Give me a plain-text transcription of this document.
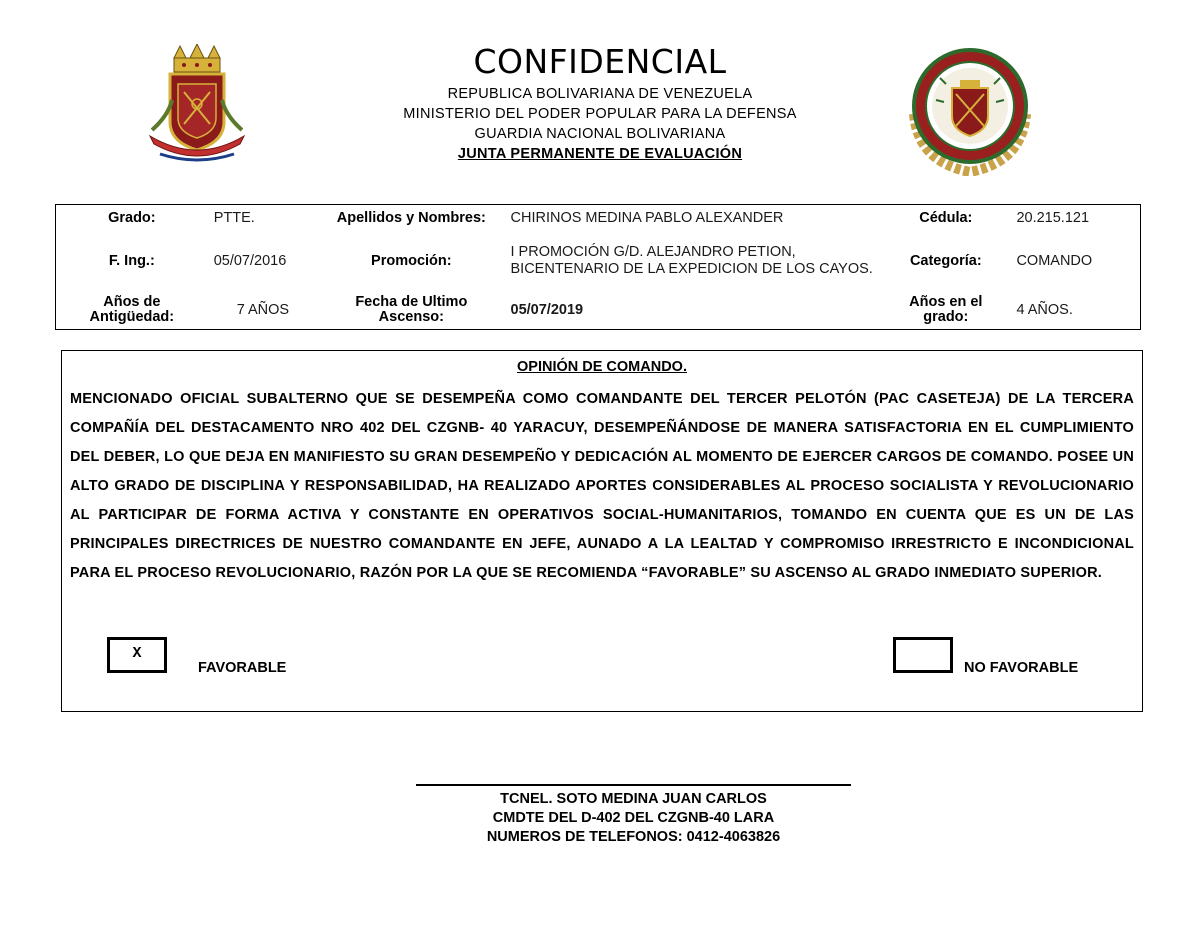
CONFIDENCIAL
REPUBLICA BOLIVARIANA DE VENEZUELA
MINISTERIO DEL PODER POPULAR PARA LA DEFENSA
GUARDIA NACIONAL BOLIVARIANA
JUNTA PERMANENTE DE EVALUACIÓN
Grado:	PTTE.	Apellidos y Nombres:	CHIRINOS MEDINA PABLO ALEXANDER	Cédula:	20.215.121
F. Ing.:	05/07/2016	Promoción:	I PROMOCIÓN G/D. ALEJANDRO PETION, BICENTENARIO DE LA EXPEDICION DE LOS CAYOS.	Categoría:	COMANDO
Años de Antigüedad:	7 AÑOS	Fecha de Ultimo Ascenso:	05/07/2019	Años en el grado:	4 AÑOS.
OPINIÓN DE COMANDO.
MENCIONADO OFICIAL SUBALTERNO QUE SE DESEMPEÑA COMO COMANDANTE DEL TERCER PELOTÓN (PAC CASETEJA) DE LA TERCERA COMPAÑÍA DEL DESTACAMENTO NRO 402 DEL CZGNB- 40 YARACUY, DESEMPEÑÁNDOSE DE MANERA SATISFACTORIA EN EL CUMPLIMIENTO DEL DEBER, LO QUE DEJA EN MANIFIESTO SU GRAN DESEMPEÑO Y DEDICACIÓN AL MOMENTO DE EJERCER CARGOS DE COMANDO. POSEE UN ALTO GRADO DE DISCIPLINA Y RESPONSABILIDAD, HA REALIZADO APORTES CONSIDERABLES AL PROCESO SOCIALISTA Y REVOLUCIONARIO AL PARTICIPAR DE FORMA ACTIVA Y CONSTANTE EN OPERATIVOS SOCIAL-HUMANITARIOS, TOMANDO EN CUENTA QUE ES UN DE LAS PRINCIPALES DIRECTRICES DE NUESTRO COMANDANTE EN JEFE, AUNADO A LA LEALTAD Y COMPROMISO IRRESTRICTO E INCONDICIONAL PARA EL PROCESO REVOLUCIONARIO, RAZÓN POR LA QUE SE RECOMIENDA “FAVORABLE” SU ASCENSO AL GRADO INMEDIATO SUPERIOR.
X
FAVORABLE	NO FAVORABLE
TCNEL. SOTO MEDINA JUAN CARLOS
CMDTE DEL D-402 DEL CZGNB-40 LARA
NUMEROS DE TELEFONOS: 0412-4063826
